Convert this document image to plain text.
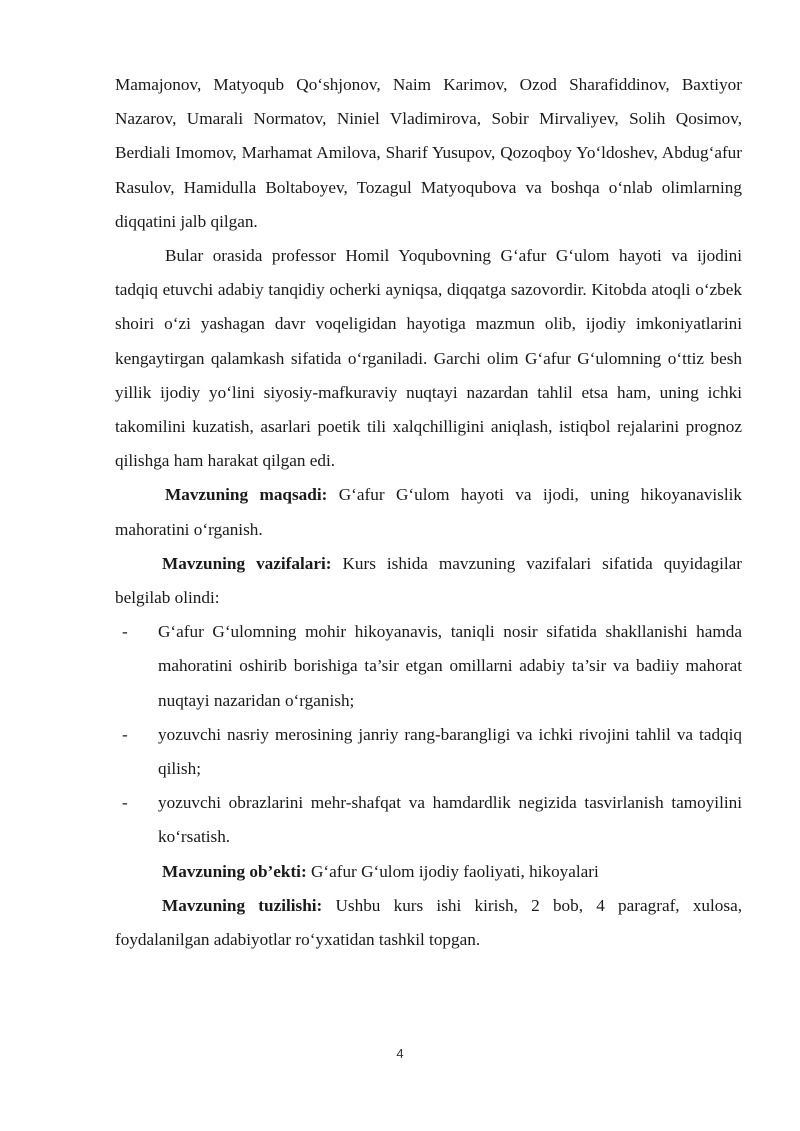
Mamajonov, Matyoqub Qo‘shjonov, Naim Karimov, Ozod Sharafiddinov, Baxtiyor Nazarov, Umarali Normatov, Niniel Vladimirova, Sobir Mirvaliyev, Solih Qosimov, Berdiali Imomov, Marhamat Amilova, Sharif Yusupov, Qozoqboy Yo‘ldoshev, Abdug‘afur Rasulov, Hamidulla Boltaboyev, Tozagul Matyoqubova va boshqa o‘nlab olimlarning diqqatini jalb qilgan.

Bular orasida professor Homil Yoqubovning G‘afur G‘ulom hayoti va ijodini tadqiq etuvchi adabiy tanqidiy ocherki ayniqsa, diqqatga sazovordir. Kitobda atoqli o‘zbek shoiri o‘zi yashagan davr voqeligidan hayotiga mazmun olib, ijodiy imkoniyatlarini kengaytirgan qalamkash sifatida o‘rganiladi. Garchi olim G‘afur G‘ulomning o‘ttiz besh yillik ijodiy yo‘lini siyosiy-mafkuraviy nuqtayi nazardan tahlil etsa ham, uning ichki takomilini kuzatish, asarlari poetik tili xalqchilligini aniqlash, istiqbol rejalarini prognoz qilishga ham harakat qilgan edi.

Mavzuning maqsadi: G‘afur G‘ulom hayoti va ijodi, uning hikoyanavislik mahoratini o‘rganish.

Mavzuning vazifalari: Kurs ishida mavzuning vazifalari sifatida quyidagilar belgilab olindi:

- G‘afur G‘ulomning mohir hikoyanavis, taniqli nosir sifatida shakllanishi hamda mahoratini oshirib borishiga ta’sir etgan omillarni adabiy ta’sir va badiiy mahorat nuqtayi nazaridan o‘rganish;
- yozuvchi nasriy merosining janriy rang-barangligi va ichki rivojini tahlil va tadqiq qilish;
- yozuvchi obrazlarini mehr-shafqat va hamdardlik negizida tasvirlanish tamoyilini ko‘rsatish.

Mavzuning ob’ekti: G‘afur G‘ulom ijodiy faoliyati, hikoyalari

Mavzuning tuzilishi: Ushbu kurs ishi kirish, 2 bob, 4 paragraf, xulosa, foydalanilgan adabiyotlar ro‘yxatidan tashkil topgan.

4
